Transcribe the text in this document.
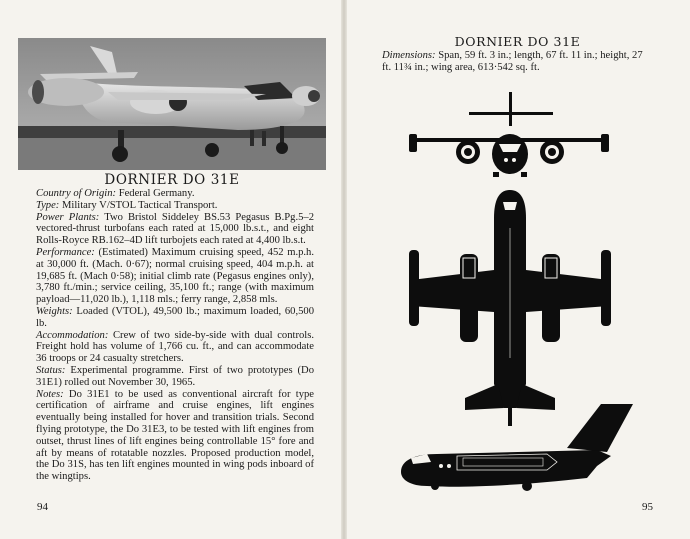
DORNIER DO 31E

Country of Origin: Federal Germany.

Type: Military V/STOL Tactical Transport.

Power Plants: Two Bristol Siddeley BS.53 Pegasus B.Pg.5–2 vectored-thrust turbofans each rated at 15,000 lb.s.t., and eight Rolls-Royce RB.162–4D lift turbojets each rated at 4,400 lb.s.t.

Performance: (Estimated) Maximum cruising speed, 452 m.p.h. at 30,000 ft. (Mach. 0·67); normal cruising speed, 404 m.p.h. at 19,685 ft. (Mach 0·58); initial climb rate (Pegasus engines only), 3,780 ft./min.; service ceiling, 35,100 ft.; range (with maximum payload—11,020 lb.), 1,118 mls.; ferry range, 2,858 mls.

Weights: Loaded (VTOL), 49,500 lb.; maximum loaded, 60,500 lb.

Accommodation: Crew of two side-by-side with dual controls. Freight hold has volume of 1,766 cu. ft., and can accommodate 36 troops or 24 casualty stretchers.

Status: Experimental programme. First of two prototypes (Do 31E1) rolled out November 30, 1965.

Notes: Do 31E1 to be used as conventional aircraft for type certification of airframe and cruise engines, lift engines eventually being installed for hover and transition trials. Second flying prototype, the Do 31E3, to be tested with lift engines from outset, thrust lines of lift engines being controllable 15° fore and aft by means of rotatable nozzles. Proposed production model, the Do 31S, has ten lift engines mounted in wing pods inboard of the wingtips.

94
DORNIER DO 31E

Dimensions: Span, 59 ft. 3 in.; length, 67 ft. 11 in.; height, 27 ft. 11¾ in.; wing area, 613·542 sq. ft.

95
